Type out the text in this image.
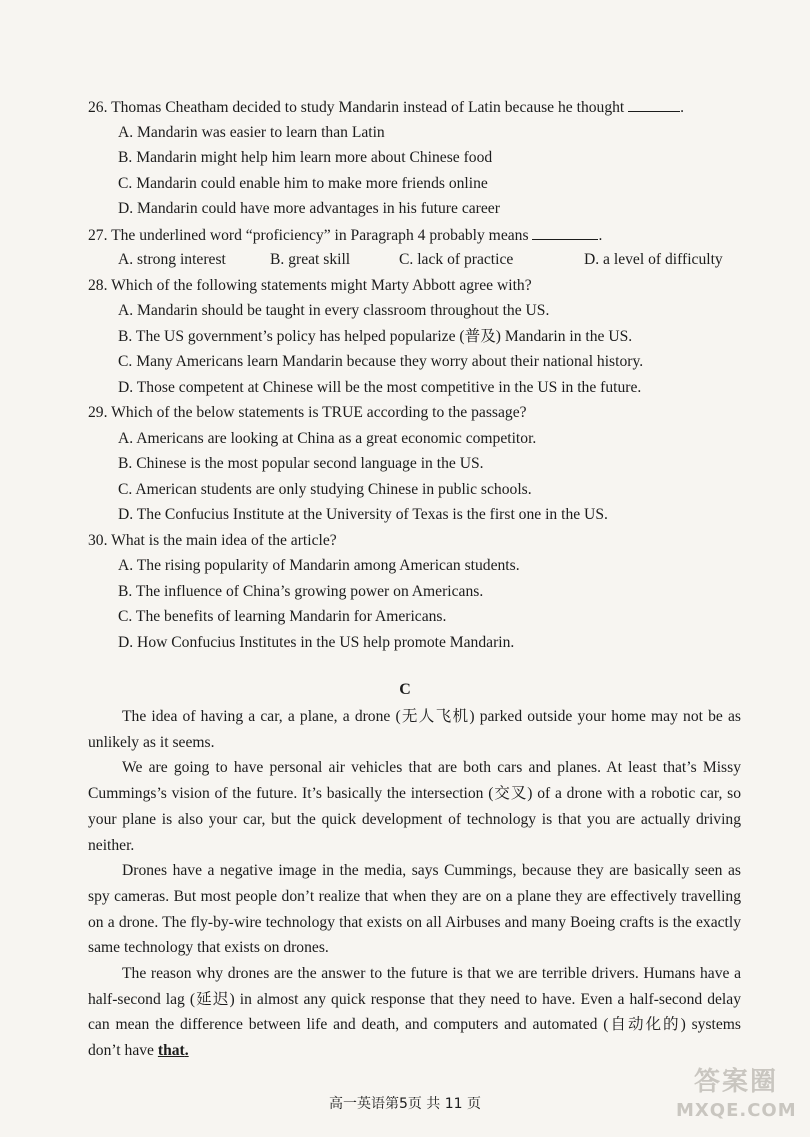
26. Thomas Cheatham decided to study Mandarin instead of Latin because he thought	.
A. Mandarin was easier to learn than Latin
B. Mandarin might help him learn more about Chinese food
C. Mandarin could enable him to make more friends online
D. Mandarin could have more advantages in his future career
27. The underlined word “proficiency” in Paragraph 4 probably means	.
A. strong interest	B. great skill	C. lack of practice	D. a level of difficulty
28. Which of the following statements might Marty Abbott agree with?
A. Mandarin should be taught in every classroom throughout the US.
B. The US government’s policy has helped popularize (普及) Mandarin in the US.
C. Many Americans learn Mandarin because they worry about their national history.
D. Those competent at Chinese will be the most competitive in the US in the future.
29. Which of the below statements is TRUE according to the passage?
A. Americans are looking at China as a great economic competitor.
B. Chinese is the most popular second language in the US.
C. American students are only studying Chinese in public schools.
D. The Confucius Institute at the University of Texas is the first one in the US.
30. What is the main idea of the article?
A. The rising popularity of Mandarin among American students.
B. The influence of China’s growing power on Americans.
C. The benefits of learning Mandarin for Americans.
D. How Confucius Institutes in the US help promote Mandarin.
C

The idea of having a car, a plane, a drone (无人飞机) parked outside your home may not be as unlikely as it seems.

We are going to have personal air vehicles that are both cars and planes. At least that’s Missy Cummings’s vision of the future. It’s basically the intersection (交叉) of a drone with a robotic car, so your plane is also your car, but the quick development of technology is that you are actually driving neither.

Drones have a negative image in the media, says Cummings, because they are basically seen as spy cameras. But most people don’t realize that when they are on a plane they are effectively travelling on a drone. The fly-by-wire technology that exists on all Airbuses and many Boeing crafts is the exactly same technology that exists on drones.

The reason why drones are the answer to the future is that we are terrible drivers. Humans have a half-second lag (延迟) in almost any quick response that they need to have. Even a half-second delay can mean the difference between life and death, and computers and automated (自动化的) systems don’t have that.

高一英语第5页 共 11 页
答案圈
MXQE.COM
